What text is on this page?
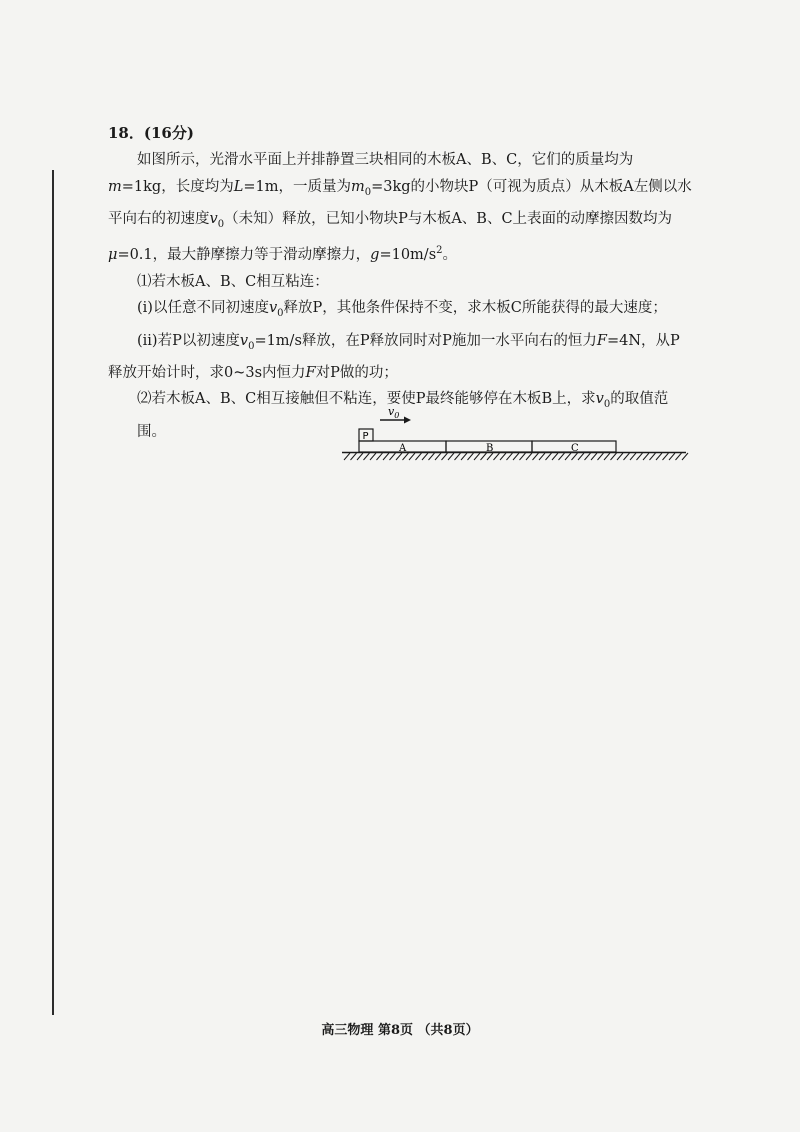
18．(16分)

如图所示，光滑水平面上并排静置三块相同的木板A、B、C，它们的质量均为m=1kg，长度均为L=1m，一质量为$m_0=3kg$的小物块P（可视为质点）从木板A左侧以水平向右的初速度$v_0$（未知）释放，已知小物块P与木板A、B、C上表面的动摩擦因数均为μ=0.1，最大静摩擦力等于滑动摩擦力，$g=10m/s^2$。

⑴若木板A、B、C相互粘连：

(i)以任意不同初速度$v_0$释放P，其他条件保持不变，求木板C所能获得的最大速度；

(ii)若P以初速度$v_0=1m/s$释放，在P释放同时对P施加一水平向右的恒力F=4N，从P释放开始计时，求0~3s内恒力F对P做的功；

⑵若木板A、B、C相互接触但不粘连，要使P最终能够停在木板B上，求$v_0$的取值范围。

$v_0$
P
A	B	C
高三物理 第8页 （共8页）
